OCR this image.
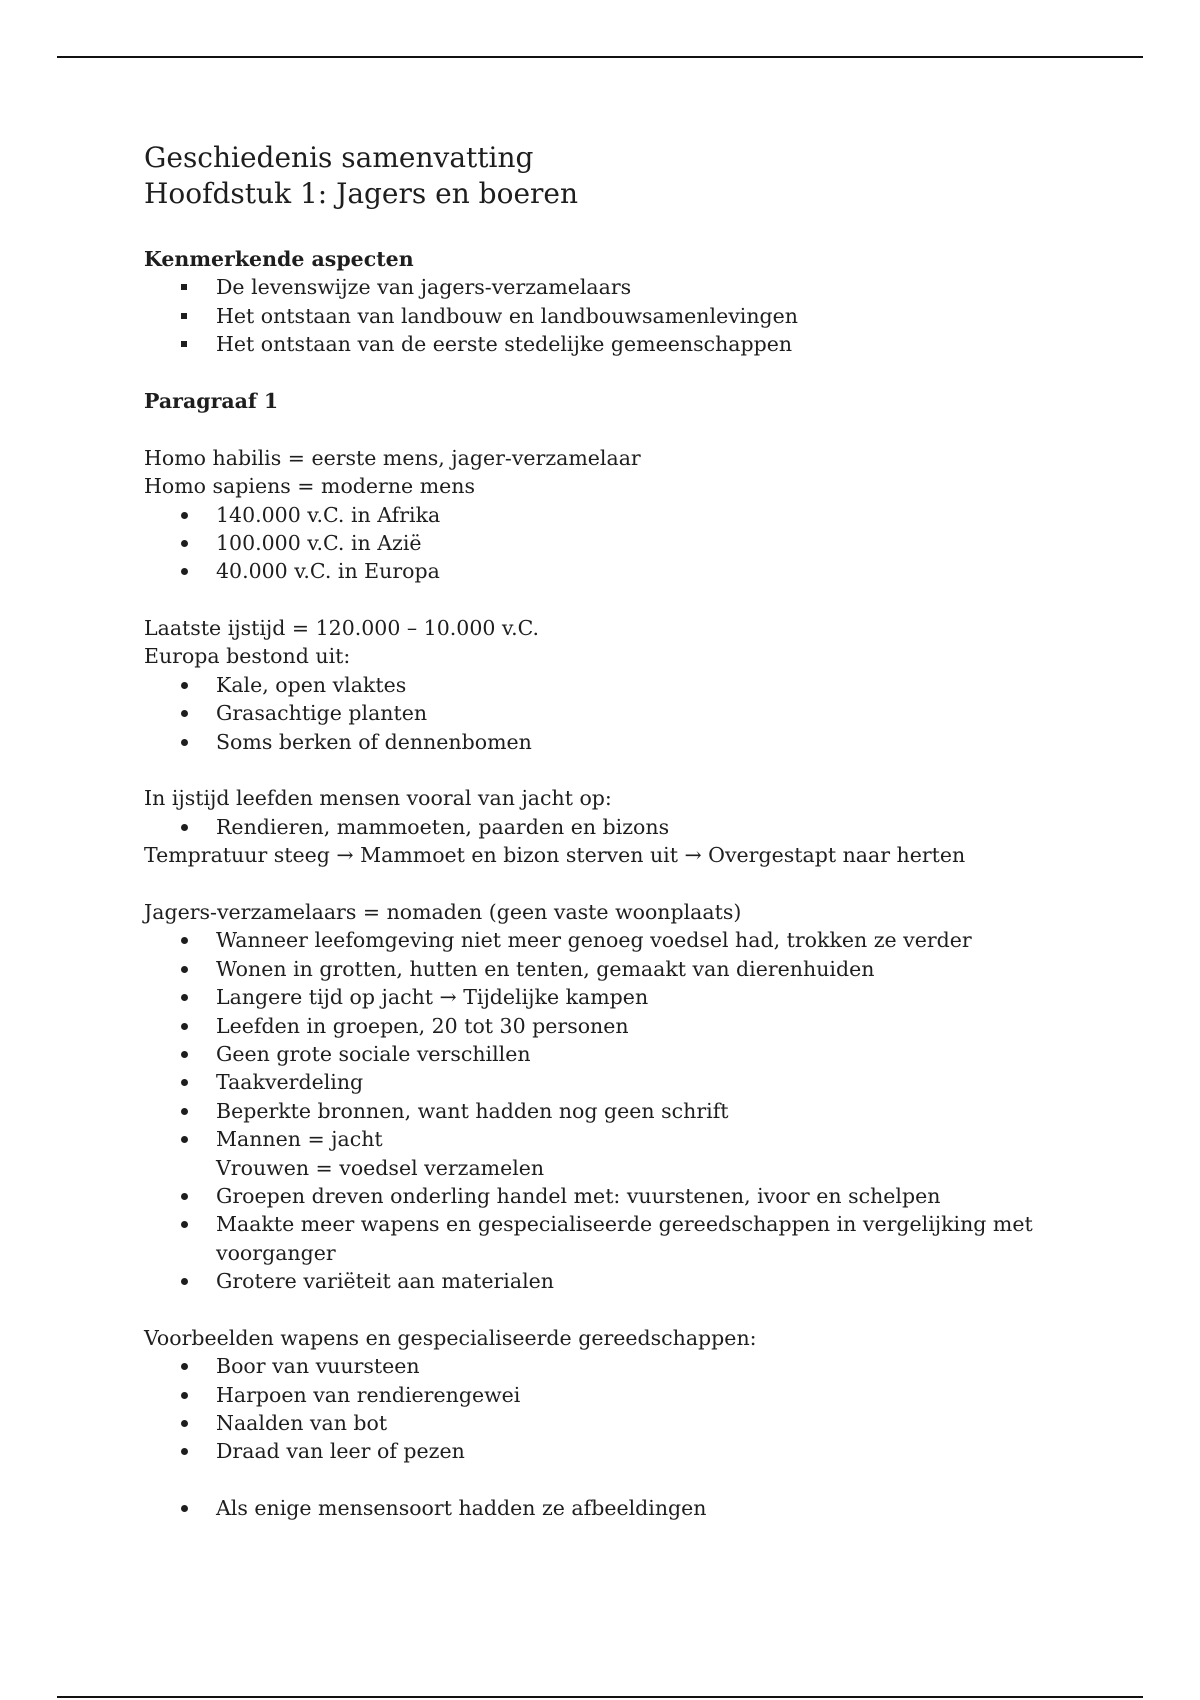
Geschiedenis samenvatting
Hoofdstuk 1: Jagers en boeren
Kenmerkende aspecten
De levenswijze van jagers-verzamelaars
Het ontstaan van landbouw en landbouwsamenlevingen
Het ontstaan van de eerste stedelijke gemeenschappen
Paragraaf 1
Homo habilis = eerste mens, jager-verzamelaar
Homo sapiens = moderne mens
140.000 v.C. in Afrika
100.000 v.C. in Azië
40.000 v.C. in Europa
Laatste ijstijd = 120.000 – 10.000 v.C.
Europa bestond uit:
Kale, open vlaktes
Grasachtige planten
Soms berken of dennenbomen
In ijstijd leefden mensen vooral van jacht op:
Rendieren, mammoeten, paarden en bizons
Tempratuur steeg → Mammoet en bizon sterven uit → Overgestapt naar herten
Jagers-verzamelaars = nomaden (geen vaste woonplaats)
Wanneer leefomgeving niet meer genoeg voedsel had, trokken ze verder
Wonen in grotten, hutten en tenten, gemaakt van dierenhuiden
Langere tijd op jacht → Tijdelijke kampen
Leefden in groepen, 20 tot 30 personen
Geen grote sociale verschillen
Taakverdeling
Beperkte bronnen, want hadden nog geen schrift
Mannen = jacht
Vrouwen = voedsel verzamelen
Groepen dreven onderling handel met: vuurstenen, ivoor en schelpen
Maakte meer wapens en gespecialiseerde gereedschappen in vergelijking met
voorganger
Grotere variëteit aan materialen
Voorbeelden wapens en gespecialiseerde gereedschappen:
Boor van vuursteen
Harpoen van rendierengewei
Naalden van bot
Draad van leer of pezen
Als enige mensensoort hadden ze afbeeldingen
